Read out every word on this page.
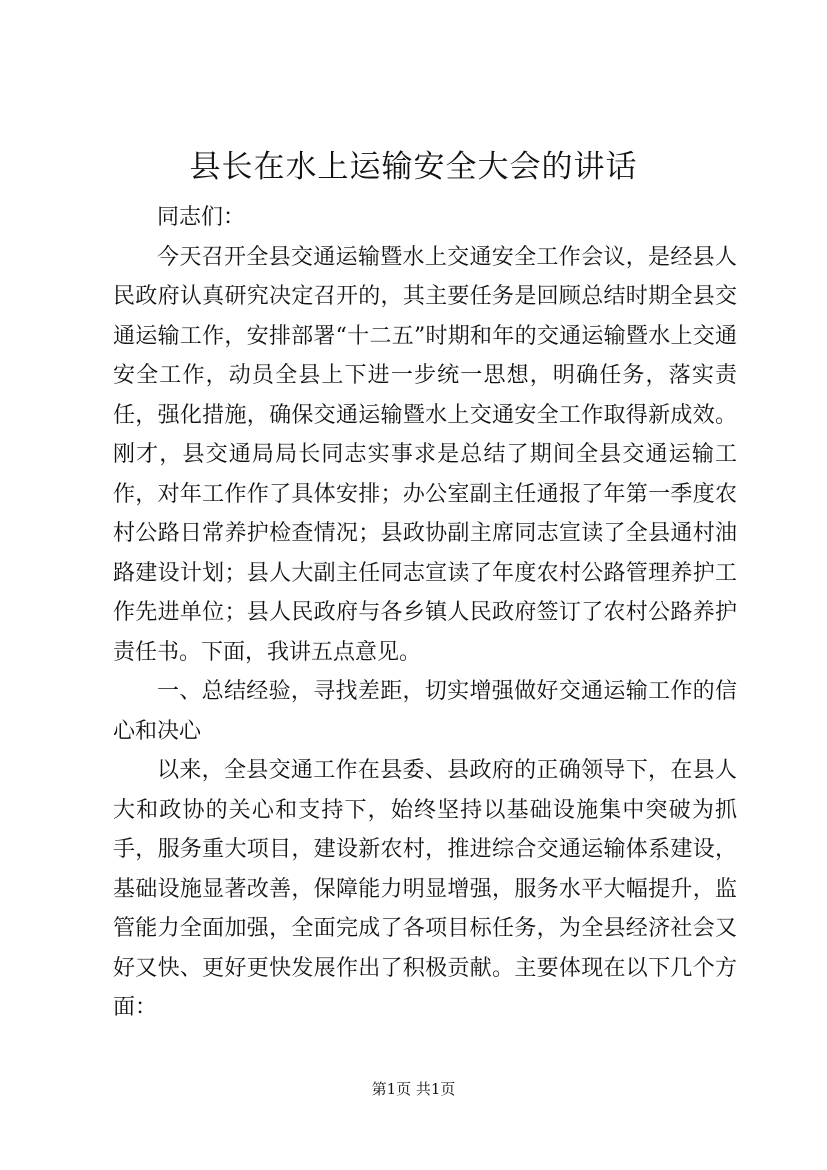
县长在水上运输安全大会的讲话

同志们：

今天召开全县交通运输暨水上交通安全工作会议，是经县人民政府认真研究决定召开的，其主要任务是回顾总结时期全县交通运输工作，安排部署“十二五”时期和年的交通运输暨水上交通安全工作，动员全县上下进一步统一思想，明确任务，落实责任，强化措施，确保交通运输暨水上交通安全工作取得新成效。刚才，县交通局局长同志实事求是总结了期间全县交通运输工作，对年工作作了具体安排；办公室副主任通报了年第一季度农村公路日常养护检查情况；县政协副主席同志宣读了全县通村油路建设计划；县人大副主任同志宣读了年度农村公路管理养护工作先进单位；县人民政府与各乡镇人民政府签订了农村公路养护责任书。下面，我讲五点意见。

一、总结经验，寻找差距，切实增强做好交通运输工作的信心和决心

以来，全县交通工作在县委、县政府的正确领导下，在县人大和政协的关心和支持下，始终坚持以基础设施集中突破为抓手，服务重大项目，建设新农村，推进综合交通运输体系建设，基础设施显著改善，保障能力明显增强，服务水平大幅提升，监管能力全面加强，全面完成了各项目标任务，为全县经济社会又好又快、更好更快发展作出了积极贡献。主要体现在以下几个方面：

第1页 共1页
